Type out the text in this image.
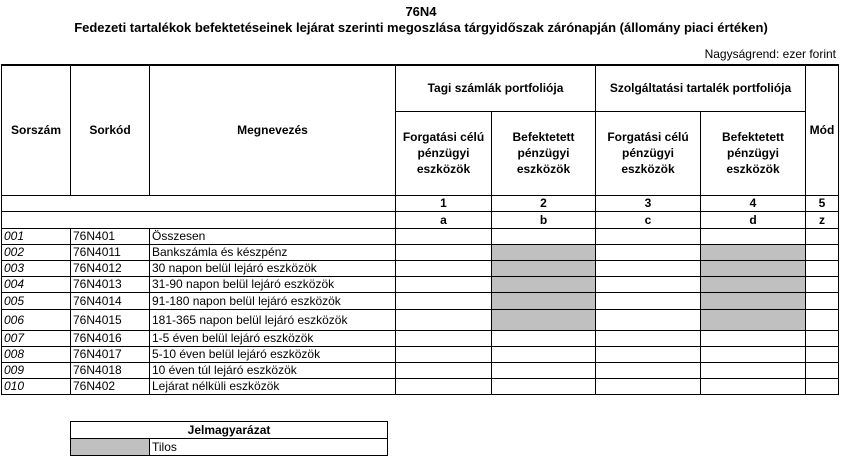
76N4
Fedezeti tartalékok befektetéseinek lejárat szerinti megoszlása tárgyidőszak zárónapján (állomány piaci értéken)
Nagyságrend: ezer forint
Sorszám	Sorkód	Megnevezés	Tagi számlák portfoliója		Szolgáltatási tartalék portfoliója		Mód
			Forgatási célú pénzügyi eszközök	Befektetett pénzügyi eszközök	Forgatási célú pénzügyi eszközök	Befektetett pénzügyi eszközök	
			1	2	3	4	5
			a	b	c	d	z
001	76N401	Összesen					
002	76N4011	Bankszámla és készpénz					
003	76N4012	30 napon belül lejáró eszközök					
004	76N4013	31-90 napon belül lejáró eszközök					
005	76N4014	91-180 napon belül lejáró eszközök					
006	76N4015	181-365 napon belül lejáró eszközök					
007	76N4016	1-5 éven belül lejáró eszközök					
008	76N4017	5-10 éven belül lejáró eszközök					
009	76N4018	10 éven túl lejáró eszközök					
010	76N402	Lejárat nélküli eszközök					
Jelmagyarázat
	Tilos
